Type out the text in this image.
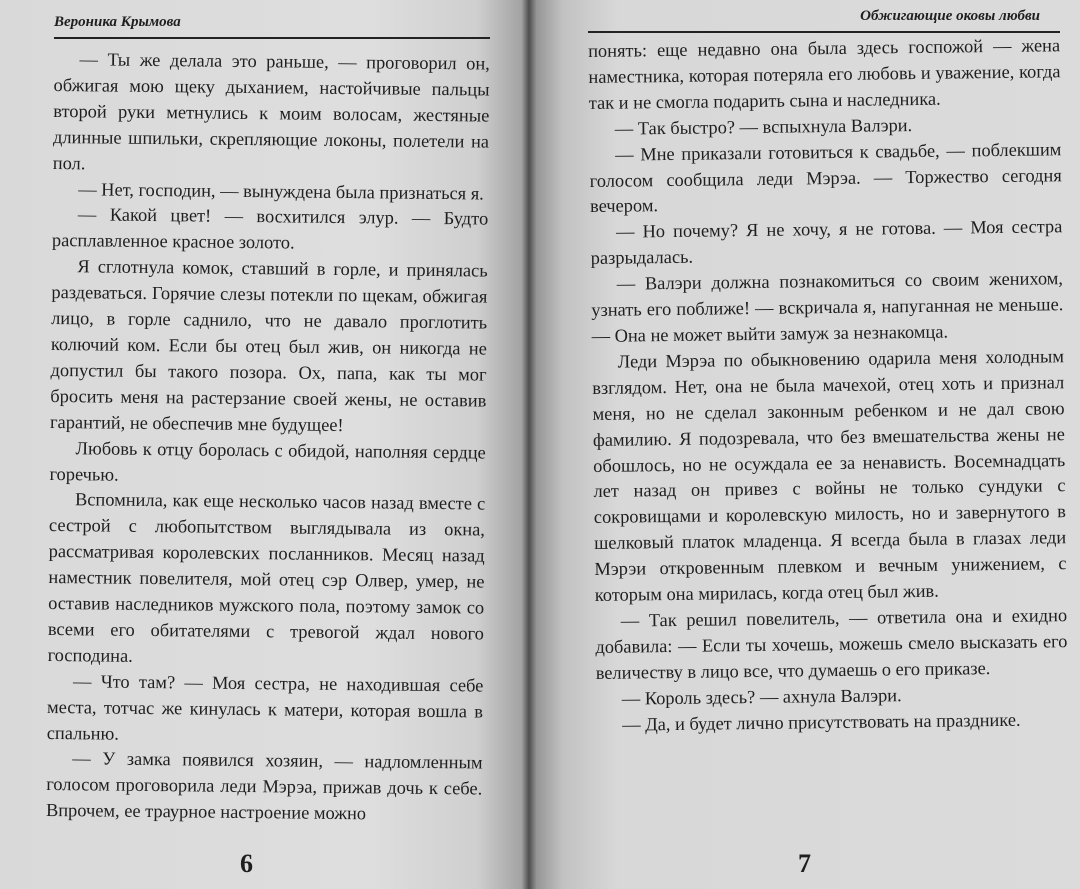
Вероника Крымова

— Ты же делала это раньше, — проговорил он, обжигая мою щеку дыханием, настойчивые пальцы второй руки метнулись к моим волосам, жестяные длинные шпильки, скрепляющие локоны, полетели на пол.

— Нет, господин, — вынуждена была признаться я.

— Какой цвет! — восхитился элур. — Будто расплавленное красное золото.

Я сглотнула комок, ставший в горле, и принялась раздеваться. Горячие слезы потекли по щекам, обжигая лицо, в горле саднило, что не давало проглотить колючий ком. Если бы отец был жив, он никогда не допустил бы такого позора. Ох, папа, как ты мог бросить меня на растерзание своей жены, не оставив гарантий, не обеспечив мне будущее!

Любовь к отцу боролась с обидой, наполняя сердце горечью.

Вспомнила, как еще несколько часов назад вместе с сестрой с любопытством выглядывала из окна, рассматривая королевских посланников. Месяц назад наместник повелителя, мой отец сэр Олвер, умер, не оставив наследников мужского пола, поэтому замок со всеми его обитателями с тревогой ждал нового господина.

— Что там? — Моя сестра, не находившая себе места, тотчас же кинулась к матери, которая вошла в спальню.

— У замка появился хозяин, — надломленным голосом проговорила леди Мэрэа, прижав дочь к себе. Впрочем, ее траурное настроение можно

6
Обжигающие оковы любви

понять: еще недавно она была здесь госпожой — жена наместника, которая потеряла его любовь и уважение, когда так и не смогла подарить сына и наследника.

— Так быстро? — вспыхнула Валэри.

— Мне приказали готовиться к свадьбе, — поблекшим голосом сообщила леди Мэрэа. — Торжество сегодня вечером.

— Но почему? Я не хочу, я не готова. — Моя сестра разрыдалась.

— Валэри должна познакомиться со своим женихом, узнать его поближе! — вскричала я, напуганная не меньше. — Она не может выйти замуж за незнакомца.

Леди Мэрэа по обыкновению одарила меня холодным взглядом. Нет, она не была мачехой, отец хоть и признал меня, но не сделал законным ребенком и не дал свою фамилию. Я подозревала, что без вмешательства жены не обошлось, но не осуждала ее за ненависть. Восемнадцать лет назад он привез с войны не только сундуки с сокровищами и королевскую милость, но и завернутого в шелковый платок младенца. Я всегда была в глазах леди Мэрэи откровенным плевком и вечным унижением, с которым она мирилась, когда отец был жив.

— Так решил повелитель, — ответила она и ехидно добавила: — Если ты хочешь, можешь смело высказать его величеству в лицо все, что думаешь о его приказе.

— Король здесь? — ахнула Валэри.

— Да, и будет лично присутствовать на празднике.

7
